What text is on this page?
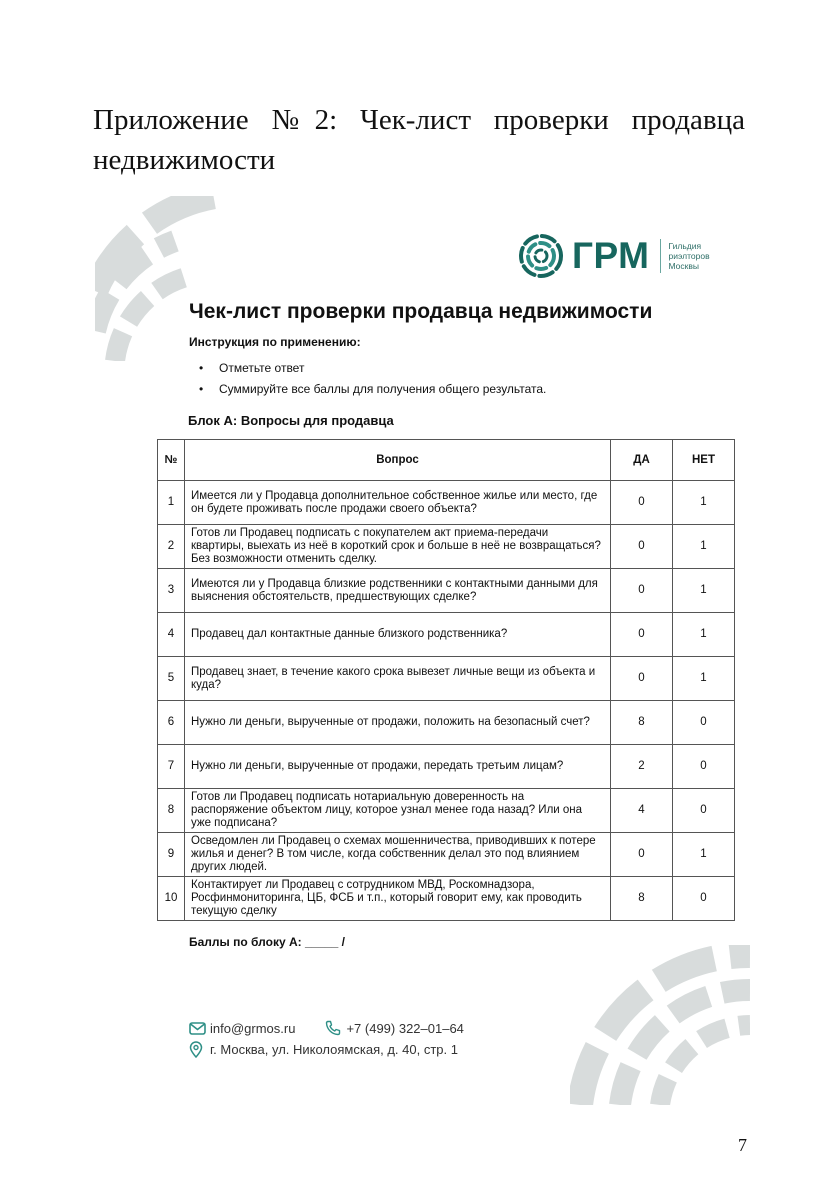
Приложение №2: Чек-лист проверки продавца
недвижимости
ГРМ Гильдия
риэлторов
Москвы
Чек-лист проверки продавца недвижимости
Инструкция по применению:
• Отметьте ответ
• Суммируйте все баллы для получения общего результата.
Блок А: Вопросы для продавца
№	Вопрос	ДА	НЕТ
1	Имеется ли у Продавца дополнительное собственное жилье или место, где он будете проживать после продажи своего объекта?	0	1
2	Готов ли Продавец подписать с покупателем акт приема-передачи квартиры, выехать из неё в короткий срок и больше в неё не возвращаться? Без возможности отменить сделку.	0	1
3	Имеются ли у Продавца близкие родственники с контактными данными для выяснения обстоятельств, предшествующих сделке?	0	1
4	Продавец дал контактные данные близкого родственника?	0	1
5	Продавец знает, в течение какого срока вывезет личные вещи из объекта и куда?	0	1
6	Нужно ли деньги, вырученные от продажи, положить на безопасный счет?	8	0
7	Нужно ли деньги, вырученные от продажи, передать третьим лицам?	2	0
8	Готов ли Продавец подписать нотариальную доверенность на распоряжение объектом лицу, которое узнал менее года назад? Или она уже подписана?	4	0
9	Осведомлен ли Продавец о схемах мошенничества, приводивших к потере жилья и денег? В том числе, когда собственник делал это под влиянием других людей.	0	1
10	Контактирует ли Продавец с сотрудником МВД, Роскомнадзора, Росфинмониторинга, ЦБ, ФСБ и т.п., который говорит ему, как проводить текущую сделку	8	0
Баллы по блоку А: _____ /
info@grmos.ru	+7 (499) 322–01–64
г. Москва, ул. Николоямская, д. 40, стр. 1
7
